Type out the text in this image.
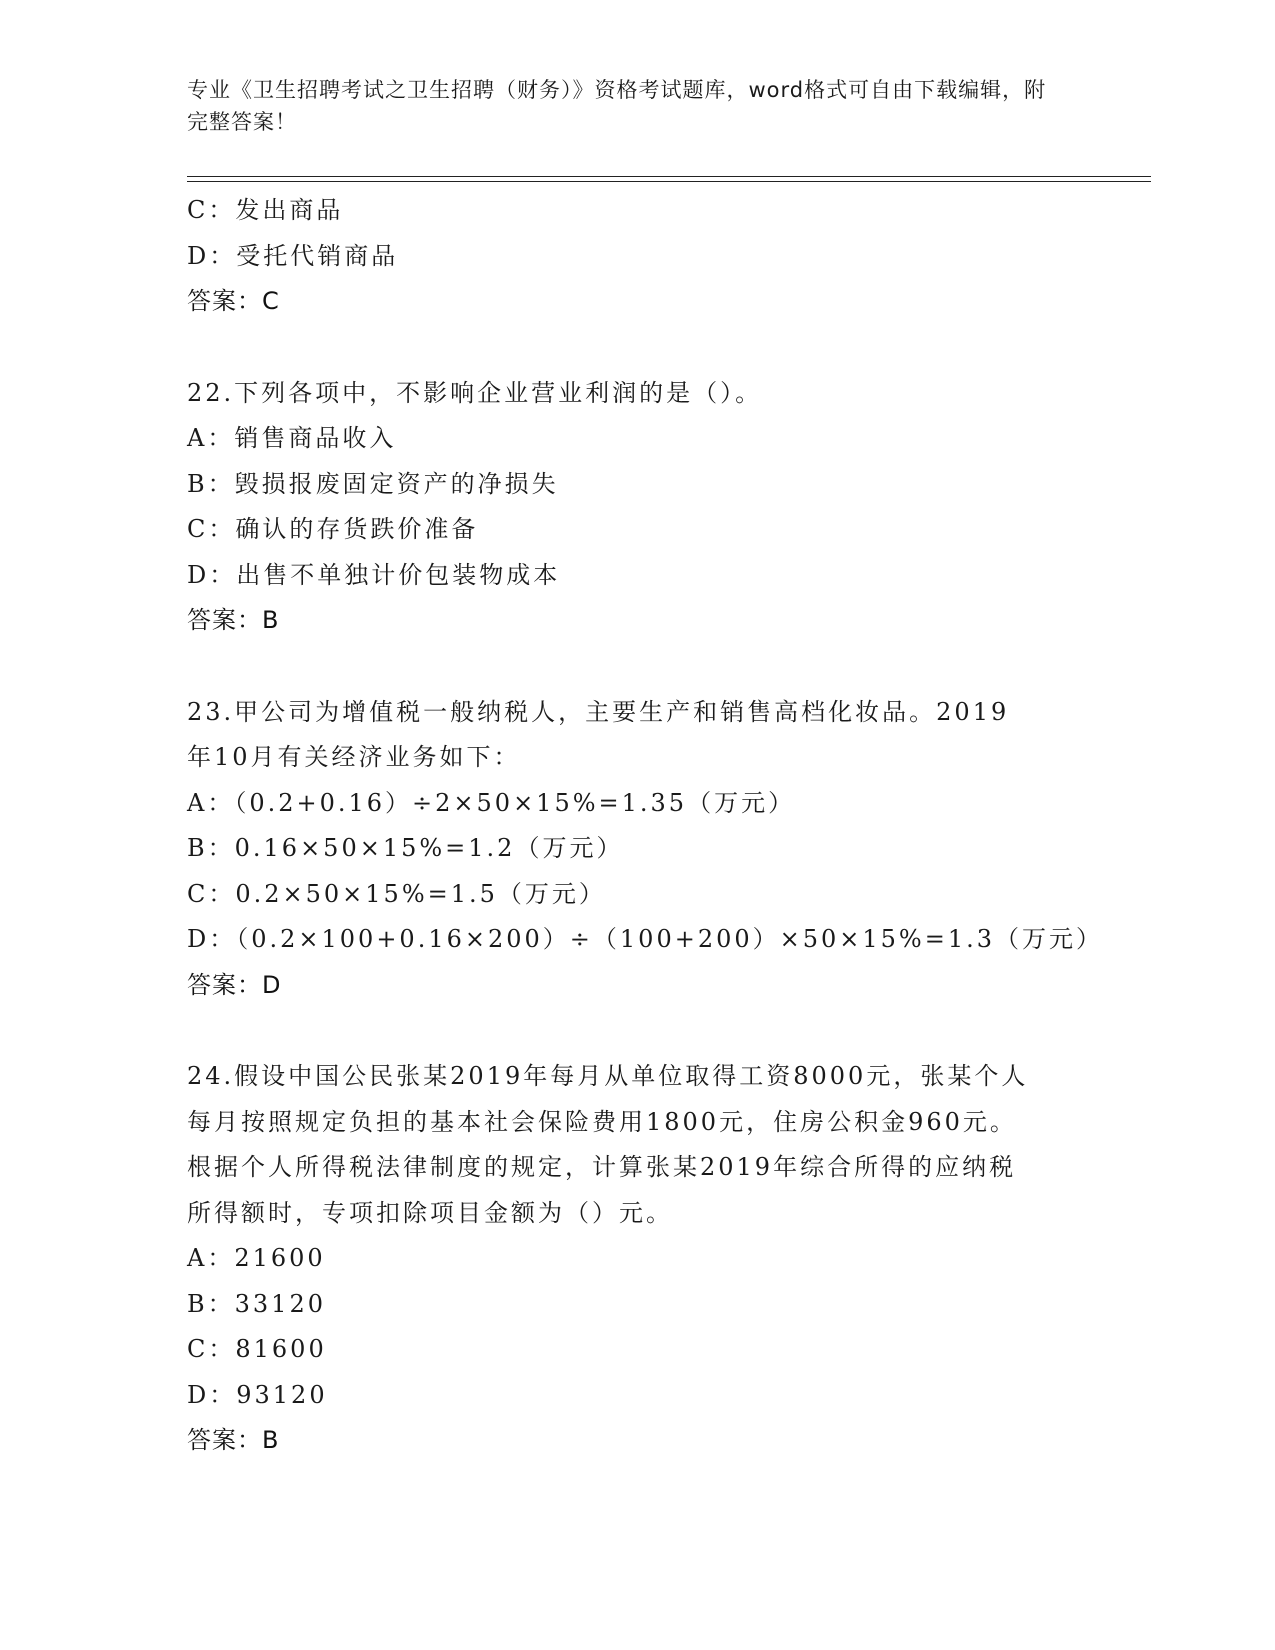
专业《卫生招聘考试之卫生招聘（财务）》资格考试题库，word格式可自由下载编辑，附完整答案！
C：发出商品
D：受托代销商品
答案：C
22.下列各项中，不影响企业营业利润的是（）。
A：销售商品收入
B：毁损报废固定资产的净损失
C：确认的存货跌价准备
D：出售不单独计价包装物成本
答案：B
23.甲公司为增值税一般纳税人，主要生产和销售高档化妆品。2019
年10月有关经济业务如下：
A：（0.2+0.16）÷2×50×15%=1.35（万元）
B：0.16×50×15%=1.2（万元）
C：0.2×50×15%=1.5（万元）
D：（0.2×100+0.16×200）÷（100+200）×50×15%=1.3（万元）
答案：D
24.假设中国公民张某2019年每月从单位取得工资8000元，张某个人
每月按照规定负担的基本社会保险费用1800元，住房公积金960元。
根据个人所得税法律制度的规定，计算张某2019年综合所得的应纳税
所得额时，专项扣除项目金额为（）元。
A：21600
B：33120
C：81600
D：93120
答案：B
